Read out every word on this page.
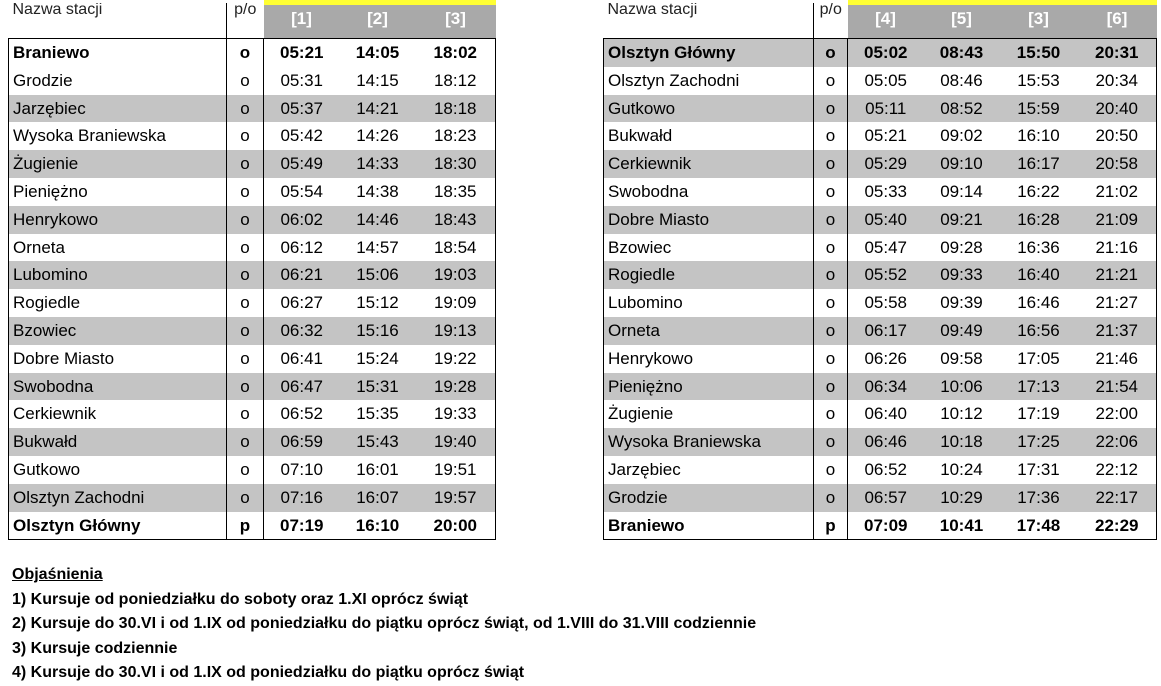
Nazwa stacji	p/o	[1]	[2]	[3]
Braniewo	o	05:21	14:05	18:02
Grodzie	o	05:31	14:15	18:12
Jarzębiec	o	05:37	14:21	18:18
Wysoka Braniewska	o	05:42	14:26	18:23
Żugienie	o	05:49	14:33	18:30
Pieniężno	o	05:54	14:38	18:35
Henrykowo	o	06:02	14:46	18:43
Orneta	o	06:12	14:57	18:54
Lubomino	o	06:21	15:06	19:03
Rogiedle	o	06:27	15:12	19:09
Bzowiec	o	06:32	15:16	19:13
Dobre Miasto	o	06:41	15:24	19:22
Swobodna	o	06:47	15:31	19:28
Cerkiewnik	o	06:52	15:35	19:33
Bukwałd	o	06:59	15:43	19:40
Gutkowo	o	07:10	16:01	19:51
Olsztyn Zachodni	o	07:16	16:07	19:57
Olsztyn Główny	p	07:19	16:10	20:00
Nazwa stacji	p/o	[4]	[5]	[3]	[6]
Olsztyn Główny	o	05:02	08:43	15:50	20:31
Olsztyn Zachodni	o	05:05	08:46	15:53	20:34
Gutkowo	o	05:11	08:52	15:59	20:40
Bukwałd	o	05:21	09:02	16:10	20:50
Cerkiewnik	o	05:29	09:10	16:17	20:58
Swobodna	o	05:33	09:14	16:22	21:02
Dobre Miasto	o	05:40	09:21	16:28	21:09
Bzowiec	o	05:47	09:28	16:36	21:16
Rogiedle	o	05:52	09:33	16:40	21:21
Lubomino	o	05:58	09:39	16:46	21:27
Orneta	o	06:17	09:49	16:56	21:37
Henrykowo	o	06:26	09:58	17:05	21:46
Pieniężno	o	06:34	10:06	17:13	21:54
Żugienie	o	06:40	10:12	17:19	22:00
Wysoka Braniewska	o	06:46	10:18	17:25	22:06
Jarzębiec	o	06:52	10:24	17:31	22:12
Grodzie	o	06:57	10:29	17:36	22:17
Braniewo	p	07:09	10:41	17:48	22:29
Objaśnienia
1) Kursuje od poniedziałku do soboty oraz 1.XI oprócz świąt
2) Kursuje do 30.VI i od 1.IX od poniedziałku do piątku oprócz świąt, od 1.VIII do 31.VIII codziennie
3) Kursuje codziennie
4) Kursuje do 30.VI i od 1.IX od poniedziałku do piątku oprócz świąt
